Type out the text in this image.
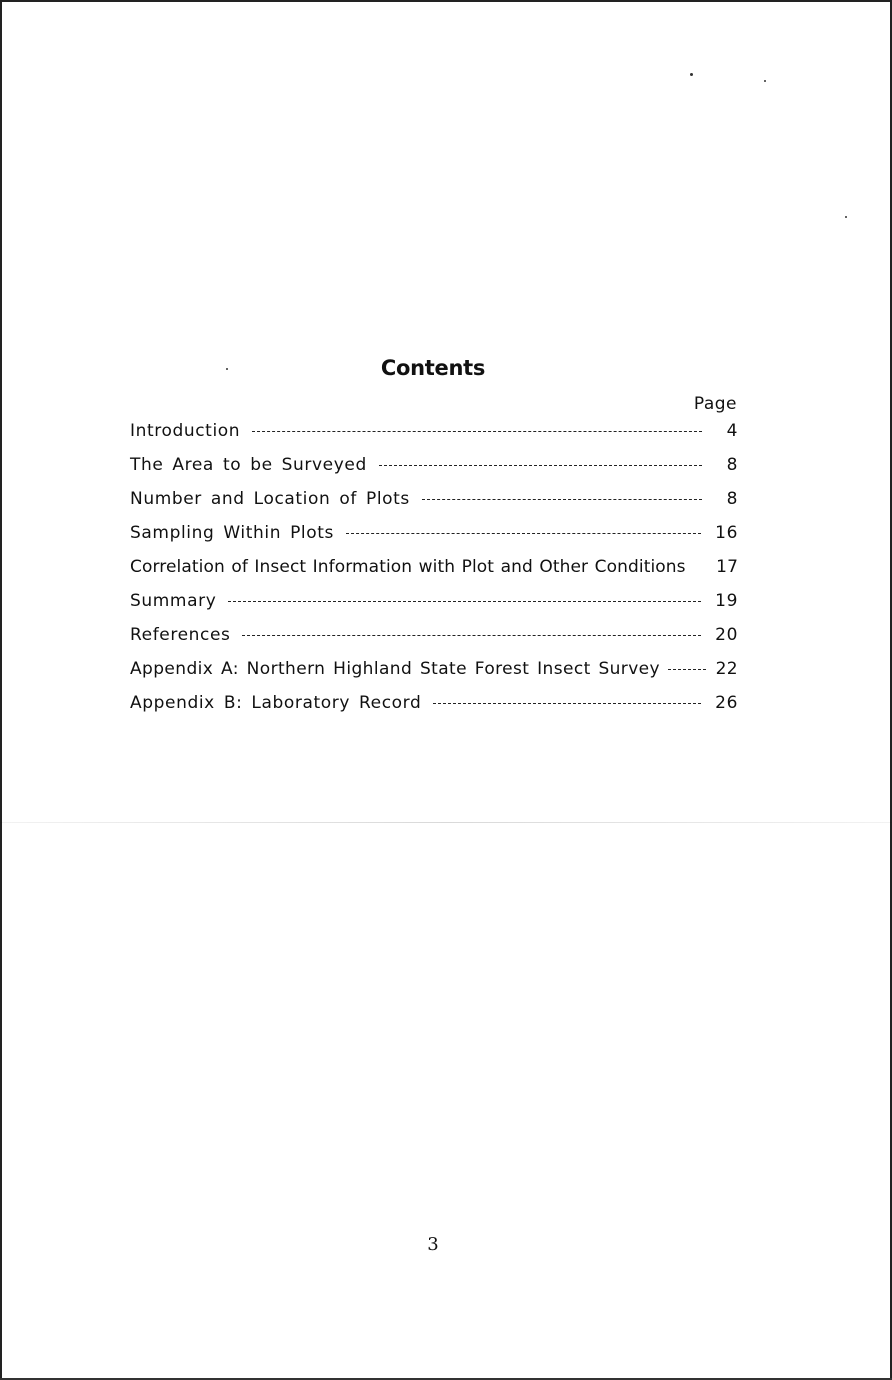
Contents
Page
Introduction	4
The Area to be Surveyed	8
Number and Location of Plots	8
Sampling Within Plots	16
Correlation of Insect Information with Plot and Other Conditions 17
Summary	19
References	20
Appendix A: Northern Highland State Forest Insect Survey	22
Appendix B: Laboratory Record	26
3
